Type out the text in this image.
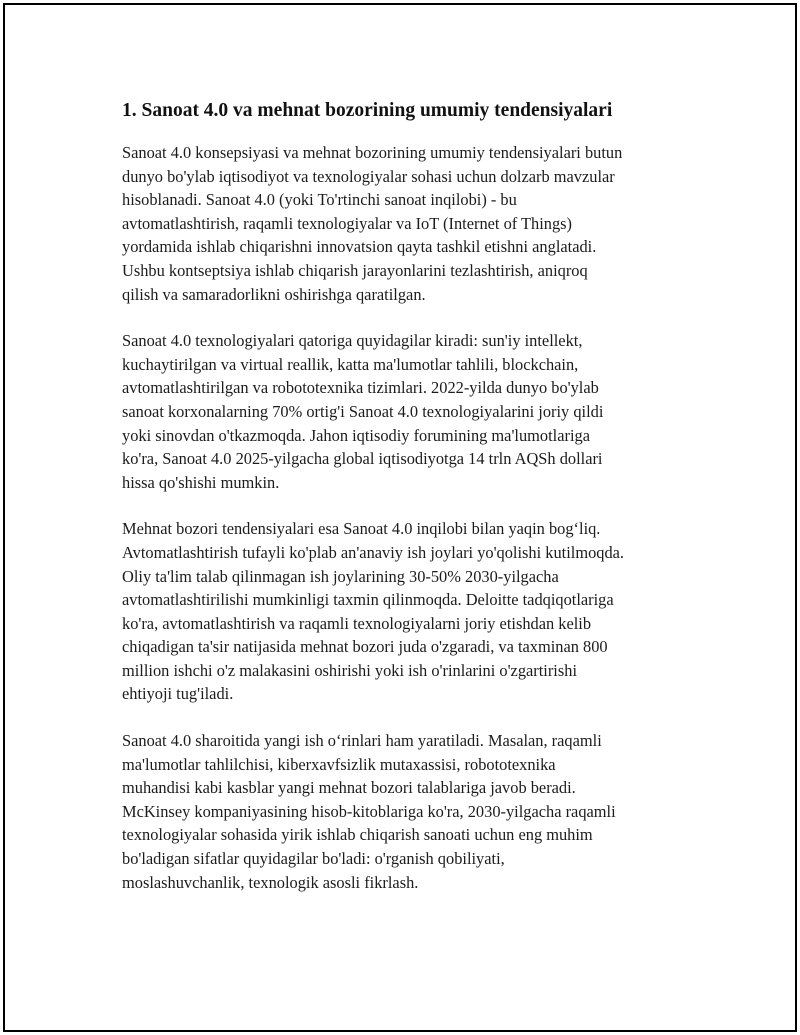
1. Sanoat 4.0 va mehnat bozorining umumiy tendensiyalari

Sanoat 4.0 konsepsiyasi va mehnat bozorining umumiy tendensiyalari butun
dunyo bo'ylab iqtisodiyot va texnologiyalar sohasi uchun dolzarb mavzular
hisoblanadi. Sanoat 4.0 (yoki To'rtinchi sanoat inqilobi) - bu
avtomatlashtirish, raqamli texnologiyalar va IoT (Internet of Things)
yordamida ishlab chiqarishni innovatsion qayta tashkil etishni anglatadi.
Ushbu kontseptsiya ishlab chiqarish jarayonlarini tezlashtirish, aniqroq
qilish va samaradorlikni oshirishga qaratilgan.

Sanoat 4.0 texnologiyalari qatoriga quyidagilar kiradi: sun'iy intellekt,
kuchaytirilgan va virtual reallik, katta ma'lumotlar tahlili, blockchain,
avtomatlashtirilgan va robototexnika tizimlari. 2022-yilda dunyo bo'ylab
sanoat korxonalarning 70% ortig'i Sanoat 4.0 texnologiyalarini joriy qildi
yoki sinovdan o'tkazmoqda. Jahon iqtisodiy forumining ma'lumotlariga
ko'ra, Sanoat 4.0 2025-yilgacha global iqtisodiyotga 14 trln AQSh dollari
hissa qo'shishi mumkin.

Mehnat bozori tendensiyalari esa Sanoat 4.0 inqilobi bilan yaqin bog‘liq.
Avtomatlashtirish tufayli ko'plab an'anaviy ish joylari yo'qolishi kutilmoqda.
Oliy ta'lim talab qilinmagan ish joylarining 30-50% 2030-yilgacha
avtomatlashtirilishi mumkinligi taxmin qilinmoqda. Deloitte tadqiqotlariga
ko'ra, avtomatlashtirish va raqamli texnologiyalarni joriy etishdan kelib
chiqadigan ta'sir natijasida mehnat bozori juda o'zgaradi, va taxminan 800
million ishchi o'z malakasini oshirishi yoki ish o'rinlarini o'zgartirishi
ehtiyoji tug'iladi.

Sanoat 4.0 sharoitida yangi ish o‘rinlari ham yaratiladi. Masalan, raqamli
ma'lumotlar tahlilchisi, kiberxavfsizlik mutaxassisi, robototexnika
muhandisi kabi kasblar yangi mehnat bozori talablariga javob beradi.
McKinsey kompaniyasining hisob-kitoblariga ko'ra, 2030-yilgacha raqamli
texnologiyalar sohasida yirik ishlab chiqarish sanoati uchun eng muhim
bo'ladigan sifatlar quyidagilar bo'ladi: o'rganish qobiliyati,
moslashuvchanlik, texnologik asosli fikrlash.
